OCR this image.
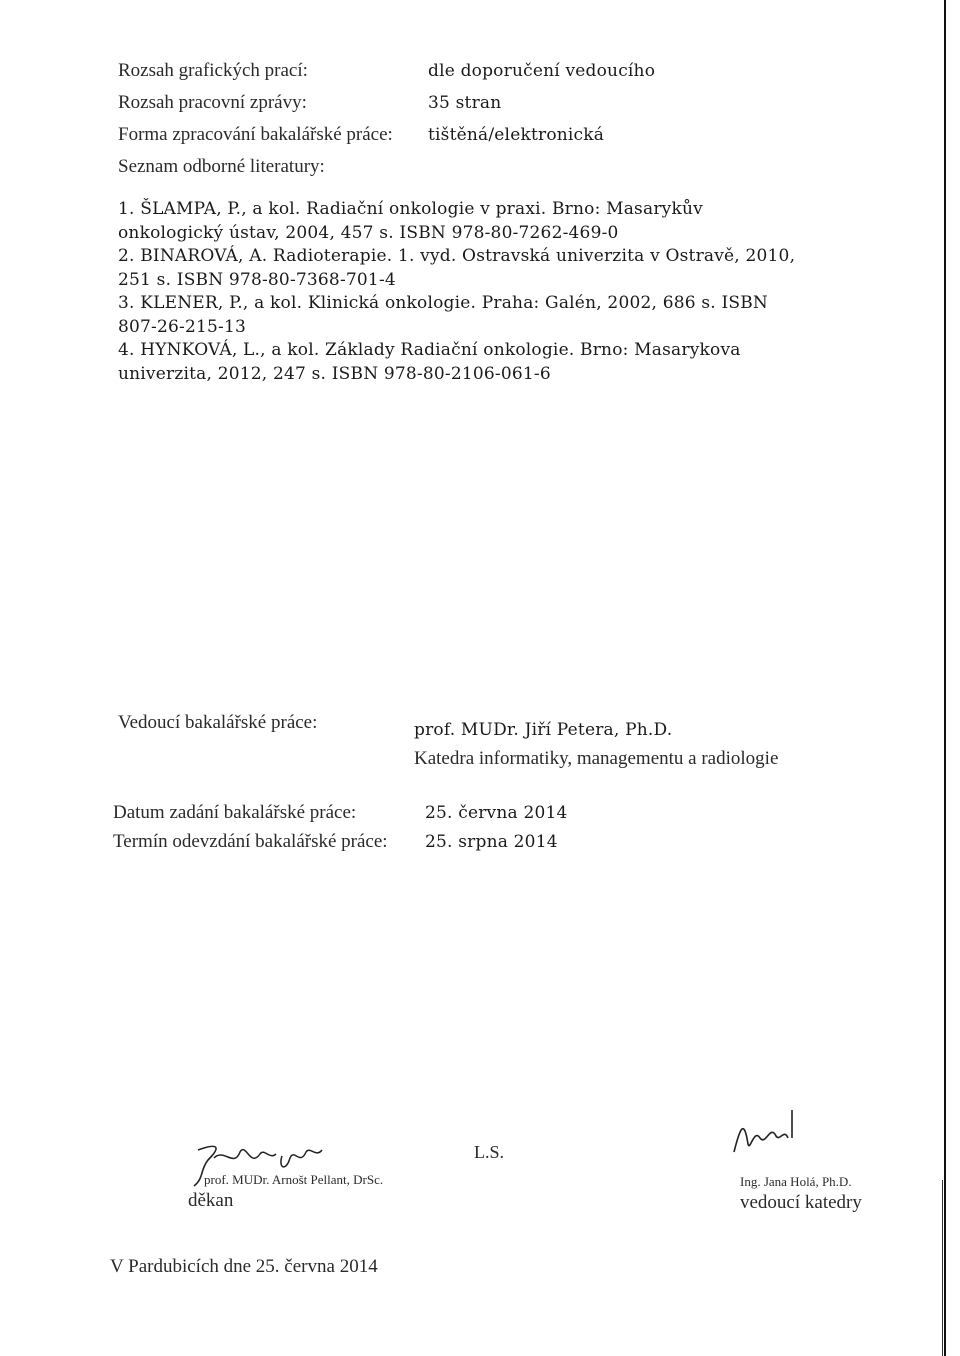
Rozsah grafických prací:	dle doporučení vedoucího
Rozsah pracovní zprávy:	35 stran
Forma zpracování bakalářské práce: tištěná/elektronická
Seznam odborné literatury:
1. ŠLAMPA, P., a kol. Radiační onkologie v praxi. Brno: Masarykův
onkologický ústav, 2004, 457 s. ISBN 978-80-7262-469-0
2. BINAROVÁ, A. Radioterapie. 1. vyd. Ostravská univerzita v Ostravě, 2010,
251 s. ISBN 978-80-7368-701-4
3. KLENER, P., a kol. Klinická onkologie. Praha: Galén, 2002, 686 s. ISBN
807-26-215-13
4. HYNKOVÁ, L., a kol. Základy Radiační onkologie. Brno: Masarykova
univerzita, 2012, 247 s. ISBN 978-80-2106-061-6
Vedoucí bakalářské práce:	prof. MUDr. Jiří Petera, Ph.D.
Katedra informatiky, managementu a radiologie
Datum zadání bakalářské práce:	25. června 2014
Termín odevzdání bakalářské práce: 25. srpna 2014
prof. MUDr. Arnošt Pellant, DrSc.
děkan
L.S.
Ing. Jana Holá, Ph.D.
vedoucí katedry
V Pardubicích dne 25. června 2014
